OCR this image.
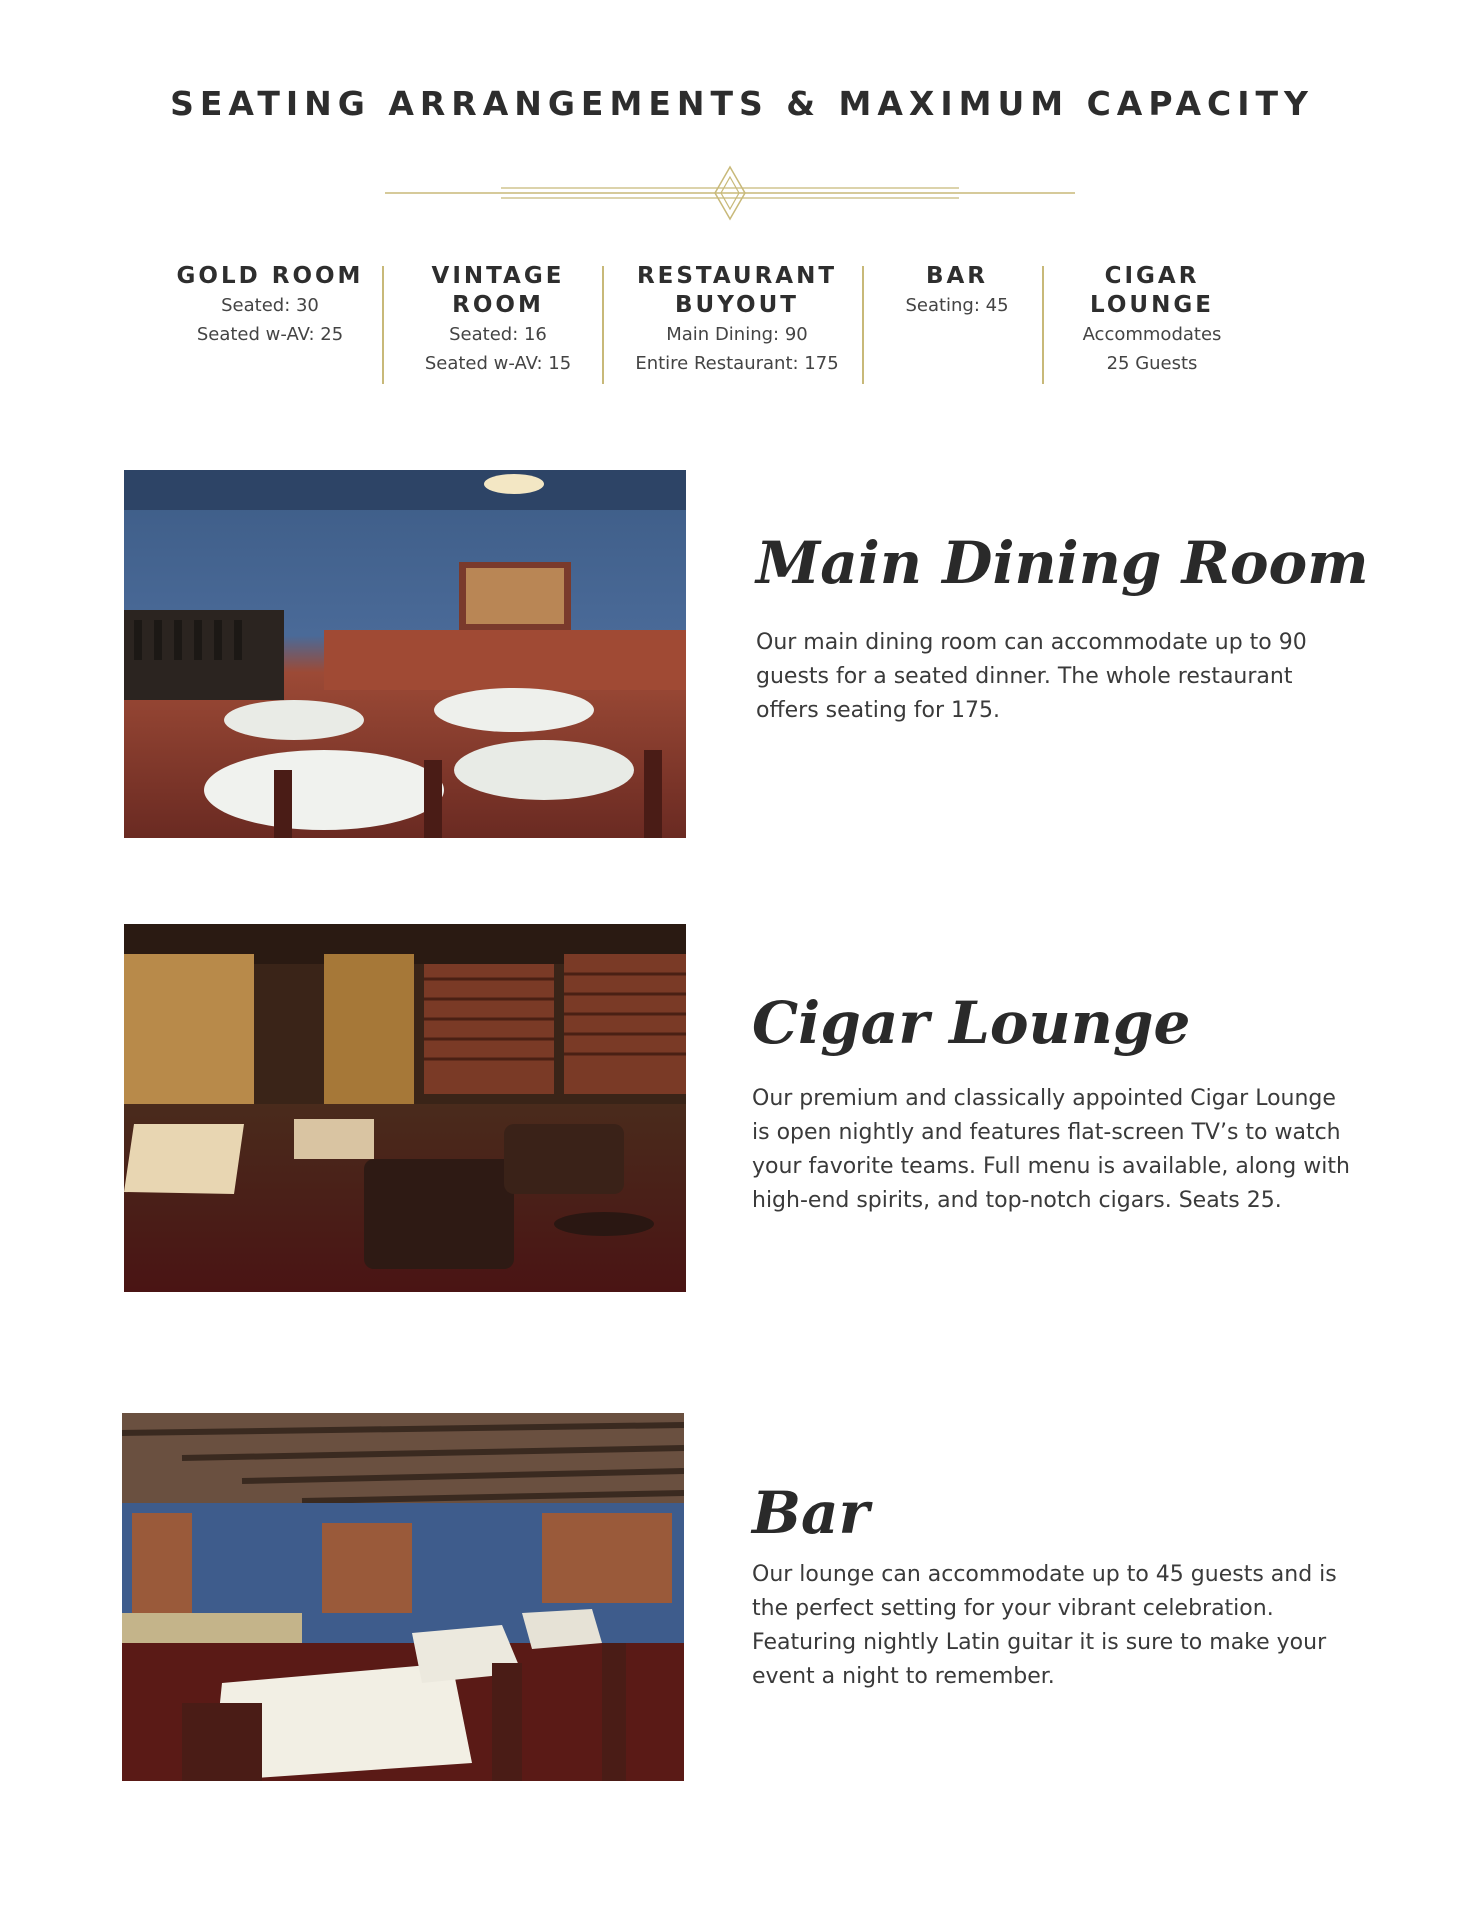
SEATING ARRANGEMENTS & MAXIMUM CAPACITY
GOLD ROOM
Seated: 30
Seated w-AV: 25
VINTAGE
ROOM
Seated: 16
Seated w-AV: 15
RESTAURANT
BUYOUT
Main Dining: 90
Entire Restaurant: 175
BAR
Seating: 45
CIGAR
LOUNGE
Accommodates
25 Guests
Main Dining Room

Our main dining room can accommodate up to 90 guests for a seated dinner. The whole restaurant offers seating for 175.

Cigar Lounge

Our premium and classically appointed Cigar Lounge is open nightly and features flat-screen TV’s to watch your favorite teams. Full menu is available, along with high-end spirits, and top-notch cigars. Seats 25.

Bar

Our lounge can accommodate up to 45 guests and is the perfect setting for your vibrant celebration. Featuring nightly Latin guitar it is sure to make your event a night to remember.
